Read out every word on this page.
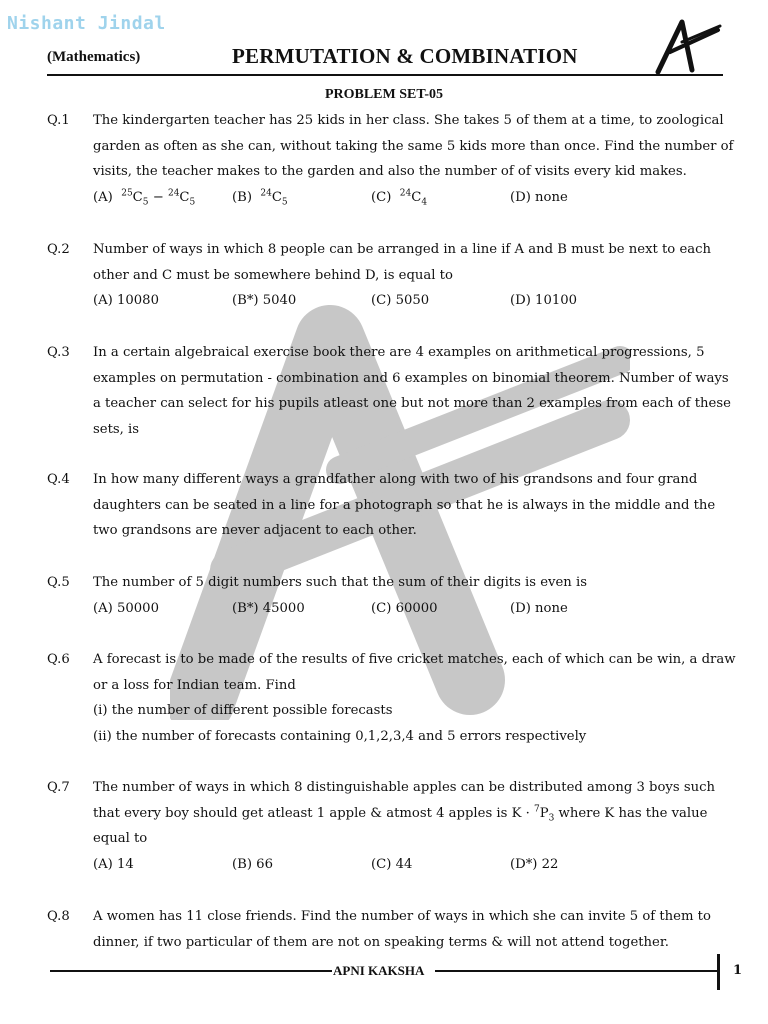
Nishant Jindal
(Mathematics)	PERMUTATION & COMBINATION
PROBLEM SET-05
Q.1 The kindergarten teacher has 25 kids in her class. She takes 5 of them at a time, to zoological
garden as often as she can, without taking the same 5 kids more than once. Find the number of
visits, the teacher makes to the garden and also the number of of visits every kid makes.
(A) $^{25}C_5 - ^{24}C_5$	(B) $^{24}C_5$	(C) $^{24}C_4$	(D) none
Q.2 Number of ways in which 8 people can be arranged in a line if A and B must be next to each
other and C must be somewhere behind D, is equal to
(A) 10080	(B*) 5040	(C) 5050	(D) 10100
Q.3 In a certain algebraical exercise book there are 4 examples on arithmetical progressions, 5
examples on permutation - combination and 6 examples on binomial theorem. Number of ways
a teacher can select for his pupils atleast one but not more than 2 examples from each of these
sets, is
Q.4 In how many different ways a grandfather along with two of his grandsons and four grand
daughters can be seated in a line for a photograph so that he is always in the middle and the
two grandsons are never adjacent to each other.
Q.5 The number of 5 digit numbers such that the sum of their digits is even is
(A) 50000	(B*) 45000	(C) 60000	(D) none
Q.6 A forecast is to be made of the results of five cricket matches, each of which can be win, a draw
or a loss for Indian team. Find
(i) the number of different possible forecasts
(ii) the number of forecasts containing 0,1,2,3,4 and 5 errors respectively
Q.7 The number of ways in which 8 distinguishable apples can be distributed among 3 boys such
that every boy should get atleast 1 apple & atmost 4 apples is $K \cdot ^7P_3$ where K has the value
equal to
(A) 14	(B) 66	(C) 44	(D*) 22
Q.8 A women has 11 close friends. Find the number of ways in which she can invite 5 of them to
dinner, if two particular of them are not on speaking terms & will not attend together.
APNI KAKSHA	1
